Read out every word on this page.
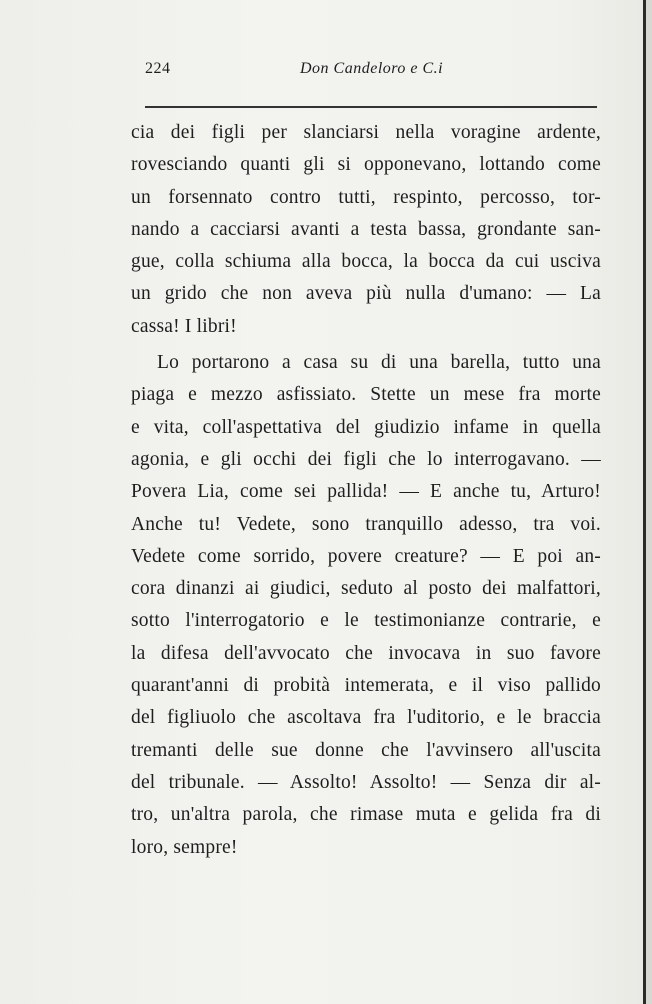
224	Don Candeloro e C.i
cia dei figli per slanciarsi nella voragine ardente,
rovesciando quanti gli si opponevano, lottando come
un forsennato contro tutti, respinto, percosso, tor-
nando a cacciarsi avanti a testa bassa, grondante san-
gue, colla schiuma alla bocca, la bocca da cui usciva
un grido che non aveva più nulla d'umano: — La
cassa! I libri!
Lo portarono a casa su di una barella, tutto una
piaga e mezzo asfissiato. Stette un mese fra morte
e vita, coll'aspettativa del giudizio infame in quella
agonia, e gli occhi dei figli che lo interrogavano. —
Povera Lia, come sei pallida! — E anche tu, Arturo!
Anche tu! Vedete, sono tranquillo adesso, tra voi.
Vedete come sorrido, povere creature? — E poi an-
cora dinanzi ai giudici, seduto al posto dei malfattori,
sotto l'interrogatorio e le testimonianze contrarie, e
la difesa dell'avvocato che invocava in suo favore
quarant'anni di probità intemerata, e il viso pallido
del figliuolo che ascoltava fra l'uditorio, e le braccia
tremanti delle sue donne che l'avvinsero all'uscita
del tribunale. — Assolto! Assolto! — Senza dir al-
tro, un'altra parola, che rimase muta e gelida fra di
loro, sempre!
